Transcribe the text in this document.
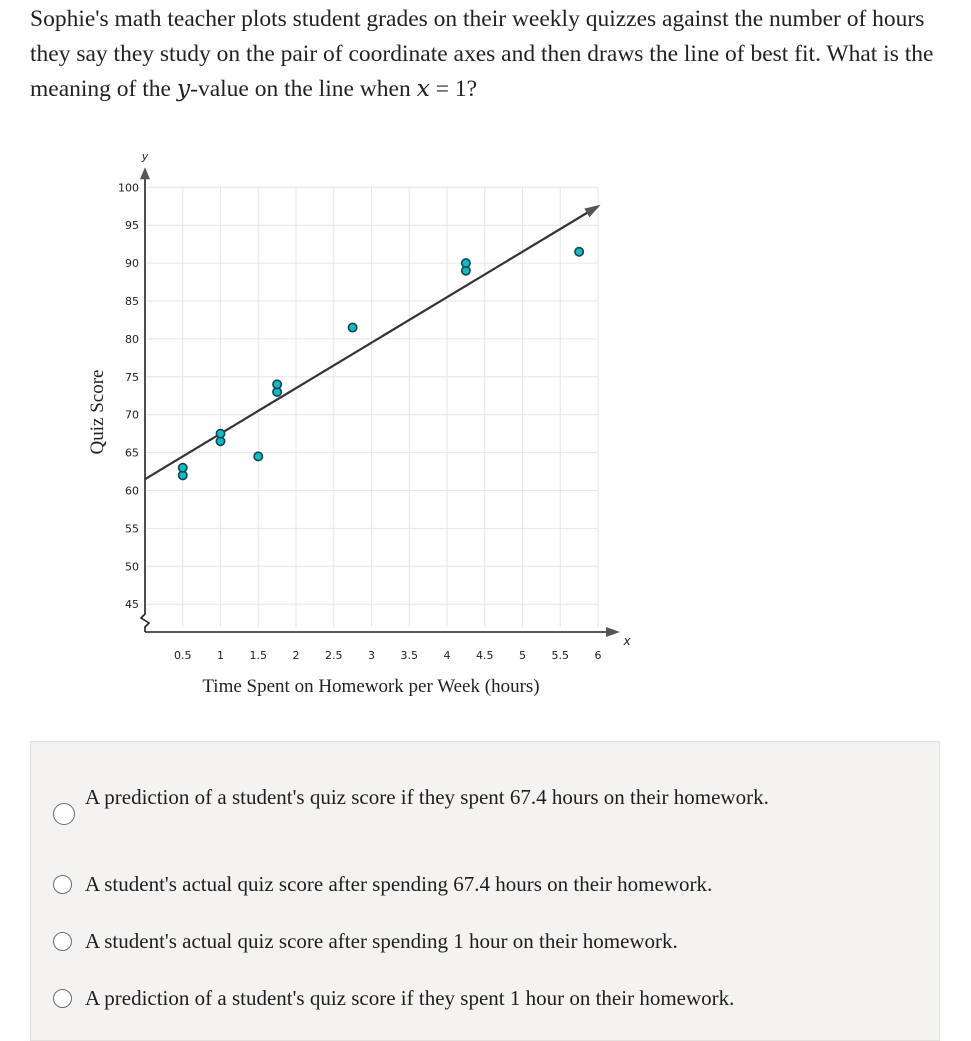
Sophie's math teacher plots student grades on their weekly quizzes against the number of hours they say they study on the pair of coordinate axes and then draws the line of best fit. What is the meaning of the y-value on the line when x = 1?
0.5 1 1.5 2 2.5 3 3.5 4 4.5 5 5.5 6
45
50
55
60
65
70
75
80
85
90
95
100
x
y
Time Spent on Homework per Week (hours)
Quiz Score
A prediction of a student's quiz score if they spent 67.4 hours on their homework.
A student's actual quiz score after spending 67.4 hours on their homework.
A student's actual quiz score after spending 1 hour on their homework.
A prediction of a student's quiz score if they spent 1 hour on their homework.
